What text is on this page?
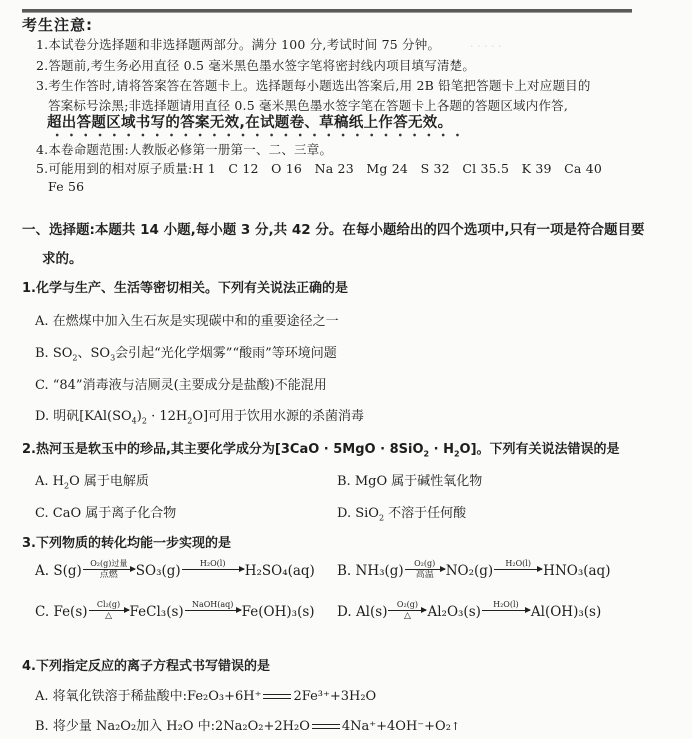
· · · · ·
考生注意:
1.本试卷分选择题和非选择题两部分。满分 100 分,考试时间 75 分钟。
2.答题前,考生务必用直径 0.5 毫米黑色墨水签字笔将密封线内项目填写清楚。
3.考生作答时,请将答案答在答题卡上。选择题每小题选出答案后,用 2B 铅笔把答题卡上对应题目的
答案标号涂黑;非选择题请用直径 0.5 毫米黑色墨水签字笔在答题卡上各题的答题区域内作答,
超出答题区域书写的答案无效,在试题卷、草稿纸上作答无效。
4.本卷命题范围:人教版必修第一册第一、二、三章。
5.可能用到的相对原子质量:H 1   C 12   O 16   Na 23   Mg 24   S 32   Cl 35.5   K 39   Ca 40
Fe 56
一、选择题:本题共 14 小题,每小题 3 分,共 42 分。在每小题给出的四个选项中,只有一项是符合题目要
求的。
1.化学与生产、生活等密切相关。下列有关说法正确的是
A. 在燃煤中加入生石灰是实现碳中和的重要途径之一
B. $SO_2$、$SO_3$会引起“光化学烟雾”“酸雨”等环境问题
C. “84”消毒液与洁厕灵(主要成分是盐酸)不能混用
D. 明矾$[KAl(SO_4)_2 \cdot 12H_2O]$可用于饮用水源的杀菌消毒
2.热河玉是软玉中的珍品,其主要化学成分为$[3CaO \cdot 5MgO \cdot 8SiO_2 \cdot H_2O]$。下列有关说法错误的是
A. $H_2O$ 属于电解质	B. MgO 属于碱性氧化物
C. CaO 属于离子化合物	D. SiO$_2$ 不溶于任何酸
3.下列物质的转化均能一步实现的是
A.
S(g) O₂(g)过量
点燃 SO₃(g) H₂O(l) H₂SO₄(aq) B.
NH₃(g) O₂(g)
高温 NO₂(g) H₂O(l) HNO₃(aq)
C.
Fe(s) Cl₂(g)
△ FeCl₃(s) NaOH(aq) Fe(OH)₃(s) D.
Al(s) O₂(g)
△ Al₂O₃(s) H₂O(l) Al(OH)₃(s)
4.下列指定反应的离子方程式书写错误的是
A. 将氧化铁溶于稀盐酸中:Fe₂O₃+6H⁺ 2Fe³⁺+3H₂O
B. 将少量 Na₂O₂加入 H₂O 中:2Na₂O₂+2H₂O 4Na⁺+4OH⁻+O₂↑
